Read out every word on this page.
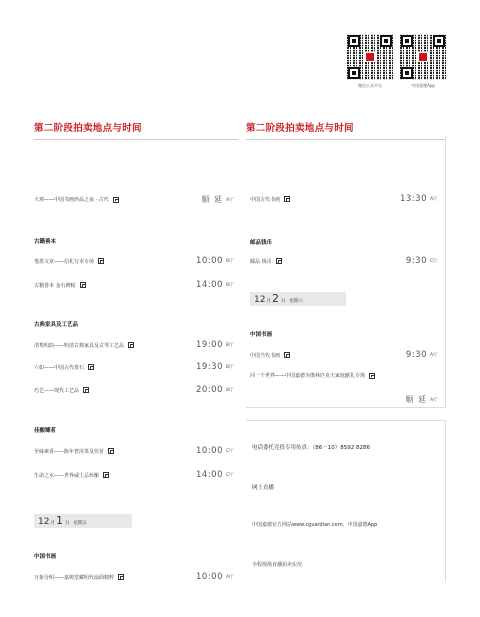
微信公众平台	中国嘉德App
第二阶段拍卖地点与时间
大观——中国书画珍品之夜 · 古代	顺 延 A厅
古籍善本
笔墨文章——信札写本专场	10:00 B厅
古籍善本 金石碑帖	14:00 B厅
古典家具及工艺品
清隽明韵——明清古典家具及古琴工艺品	19:00 B厅
六如——中国古代赏石	19:30 B厅
巧艺——现代工艺品	20:00 B厅
佳酿臻茗
至味素香——陈年普洱茶及佳茗	10:00 C厅
生命之水——世界威士忌珍酿	14:00 C厅
12 月 1 日 星期五
中国书画
万象分明——嘉树堂藏明代扇面精粹	10:00 A厅
第二阶段拍卖地点与时间
中国古代书画	13:30 A厅
邮品钱币
邮品 钱币	9:30 C厅
12 月 2 日 星期六
中国书画
中国当代书画	9:30 A厅
同一个世界——中国嘉德为奥林匹克大家庭献礼专场
顺 延 A厅
电话委托竞投专用传真：（86－10）8592 8286
网上直播
中国嘉德官方网站www.cguardian.com、中国嘉德App
全程现场直播拍卖实况
